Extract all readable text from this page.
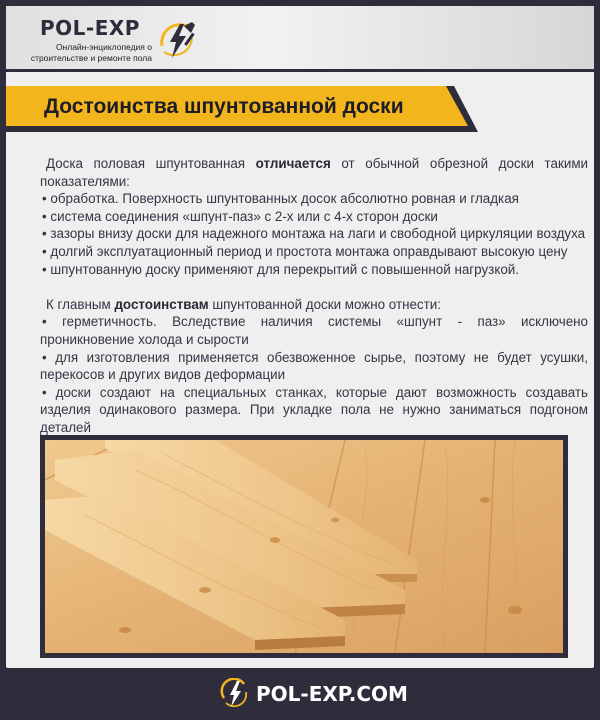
POL-EXP
Онлайн-энциклопедия о
строительстве и ремонте пола
Достоинства шпунтованной доски

Доска половая шпунтованная отличается от обычной обрезной доски такими показателями:

• обработка. Поверхность шпунтованных досок абсолютно ровная и гладкая

• система соединения «шпунт-паз» с 2-х или с 4-х сторон доски

• зазоры внизу доски для надежного монтажа на лаги и свободной циркуляции воздуха

• долгий эксплуатационный период и простота монтажа оправдывают высокую цену

• шпунтованную доску применяют для перекрытий с повышенной нагрузкой.

К главным достоинствам шпунтованной доски можно отнести:

• герметичность. Вследствие наличия системы «шпунт - паз» исключено проникновение холода и сырости

• для изготовления применяется обезвоженное сырье, поэтому не будет усушки, перекосов и других видов деформации

• доски создают на специальных станках, которые дают возможность создавать изделия одинакового размера. При укладке пола не нужно заниматься подгоном деталей

POL-EXP.COM
